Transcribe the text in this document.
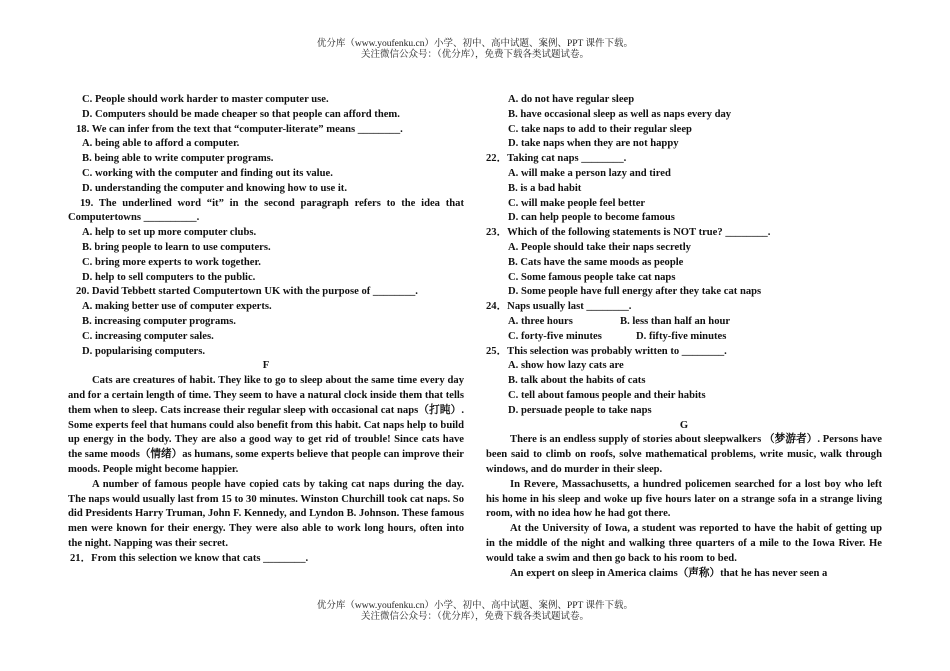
优分库（www.youfenku.cn）小学、初中、高中试题、案例、PPT 课件下载。
关注微信公众号：（优分库），免费下载各类试题试卷。

C. People should work harder to master computer use.

D. Computers should be made cheaper so that people can afford them.

18. We can infer from the text that “computer-literate” means ________.

A. being able to afford a computer.

B. being able to write computer programs.

C. working with the computer and finding out its value.

D. understanding the computer and knowing how to use it.

19. The underlined word “it” in the second paragraph refers to the idea that Computertowns __________.

A. help to set up more computer clubs.

B. bring people to learn to use computers.

C. bring more experts to work together.

D. help to sell computers to the public.

20. David Tebbett started Computertown UK with the purpose of ________.

A. making better use of computer experts.

B. increasing computer programs.

C. increasing computer sales.

D. popularising computers.

F

Cats are creatures of habit. They like to go to sleep about the same time every day and for a certain length of time. They seem to have a natural clock inside them that tells them when to sleep. Cats increase their regular sleep with occasional cat naps（打盹）. Some experts feel that humans could also benefit from this habit. Cat naps help to build up energy in the body. They are also a good way to get rid of trouble! Since cats have the same moods（情绪）as humans, some experts believe that people can improve their moods. People might become happier.

A number of famous people have copied cats by taking cat naps during the day. The naps would usually last from 15 to 30 minutes. Winston Churchill took cat naps. So did Presidents Harry Truman, John F. Kennedy, and Lyndon B. Johnson. These famous men were known for their energy. They were also able to work long hours, often into the night. Napping was their secret.

21．From this selection we know that cats ________.

A. do not have regular sleep

B. have occasional sleep as well as naps every day

C. take naps to add to their regular sleep

D. take naps when they are not happy

22．Taking cat naps ________.

A. will make a person lazy and tired

B. is a bad habit

C. will make people feel better

D. can help people to become famous

23．Which of the following statements is NOT true? ________.

A. People should take their naps secretly

B. Cats have the same moods as people

C. Some famous people take cat naps

D. Some people have full energy after they take cat naps

24．Naps usually last ________.

A. three hours	B. less than half an hour

C. forty-five minutes	D. fifty-five minutes

25．This selection was probably written to ________.

A. show how lazy cats are

B. talk about the habits of cats

C. tell about famous people and their habits

D. persuade people to take naps

G

There is an endless supply of stories about sleepwalkers （梦游者）. Persons have been said to climb on roofs, solve mathematical problems, write music, walk through windows, and do murder in their sleep.

In Revere, Massachusetts, a hundred policemen searched for a lost boy who left his home in his sleep and woke up five hours later on a strange sofa in a strange living room, with no idea how he had got there.

At the University of Iowa, a student was reported to have the habit of getting up in the middle of the night and walking three quarters of a mile to the Iowa River. He would take a swim and then go back to his room to bed.

An expert on sleep in America claims（声称）that he has never seen a

优分库（www.youfenku.cn）小学、初中、高中试题、案例、PPT 课件下载。
关注微信公众号：（优分库），免费下载各类试题试卷。
